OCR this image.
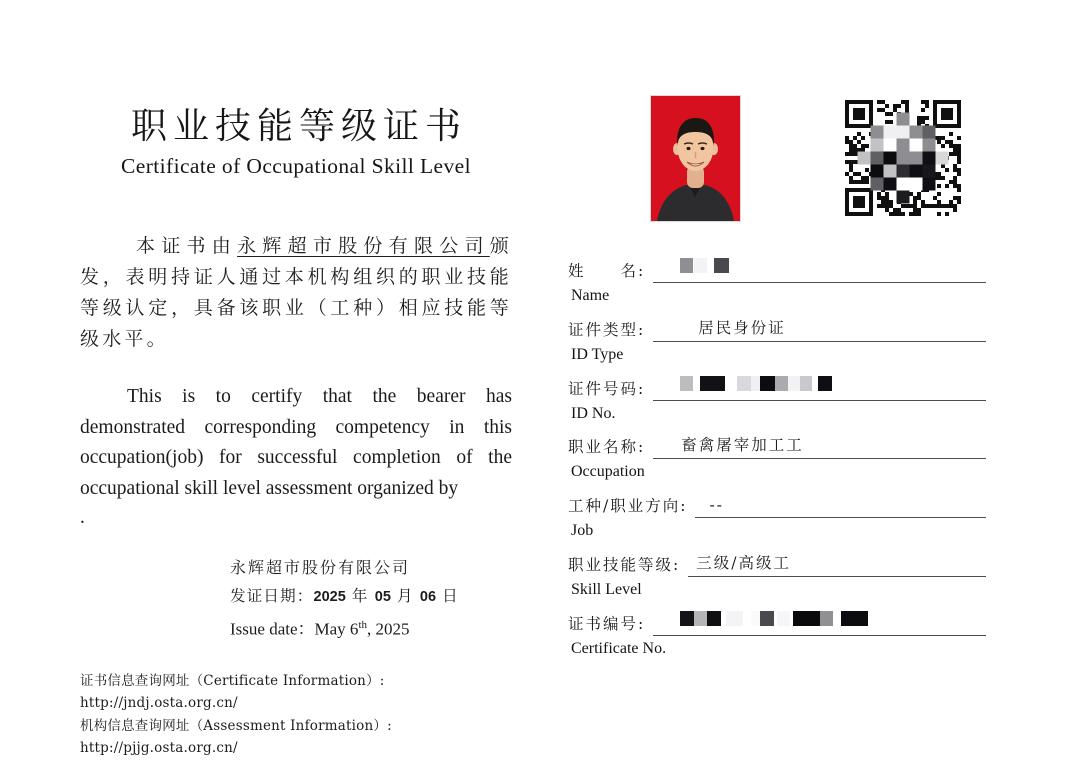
职业技能等级证书
Certificate of Occupational Skill Level
本证书由永辉超市股份有限公司颁发，表明持证人通过本机构组织的职业技能等级认定，具备该职业（工种）相应技能等级水平。
This is to certify that the bearer has demonstrated corresponding competency in this occupation(job) for successful completion of the occupational skill level assessment organized by
.
永辉超市股份有限公司
发证日期：2025 年 05 月 06 日
Issue date：May 6th, 2025
证书信息查询网址（Certificate Information）: http://jndj.osta.org.cn/
机构信息查询网址（Assessment Information）: http://pjjg.osta.org.cn/
姓　　名:
Name
证件类型:	居民身份证
ID Type
证件号码:
ID No.
职业名称:	畜禽屠宰加工工
Occupation
工种/职业方向:	--
Job
职业技能等级:	三级/高级工
Skill Level
证书编号:
Certificate No.
